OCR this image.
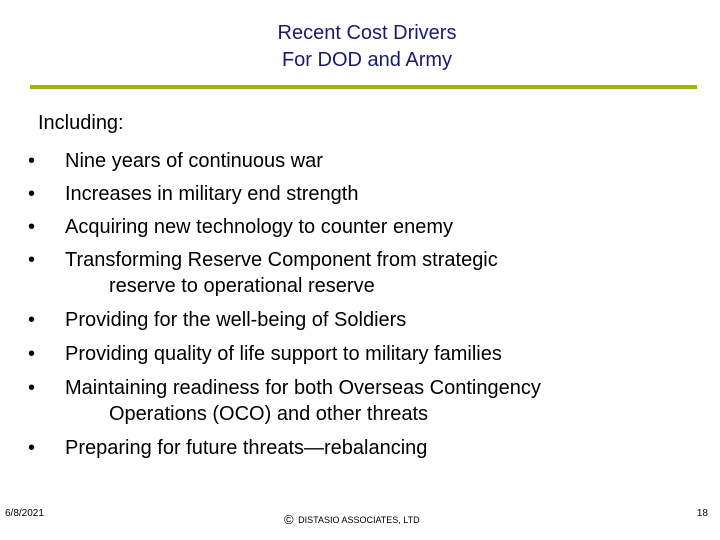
Recent Cost Drivers
For DOD and Army
Including:
•	Nine years of continuous war
•	Increases in military end strength
•	Acquiring new technology to counter enemy
•	Transforming Reserve Component from strategic
reserve to operational reserve
•	Providing for the well-being of Soldiers
•	Providing quality of life support to military families
•	Maintaining readiness for both Overseas Contingency
Operations (OCO) and other threats
•	Preparing for future threats—rebalancing
6/8/2021	© DISTASIO ASSOCIATES, LTD
18
